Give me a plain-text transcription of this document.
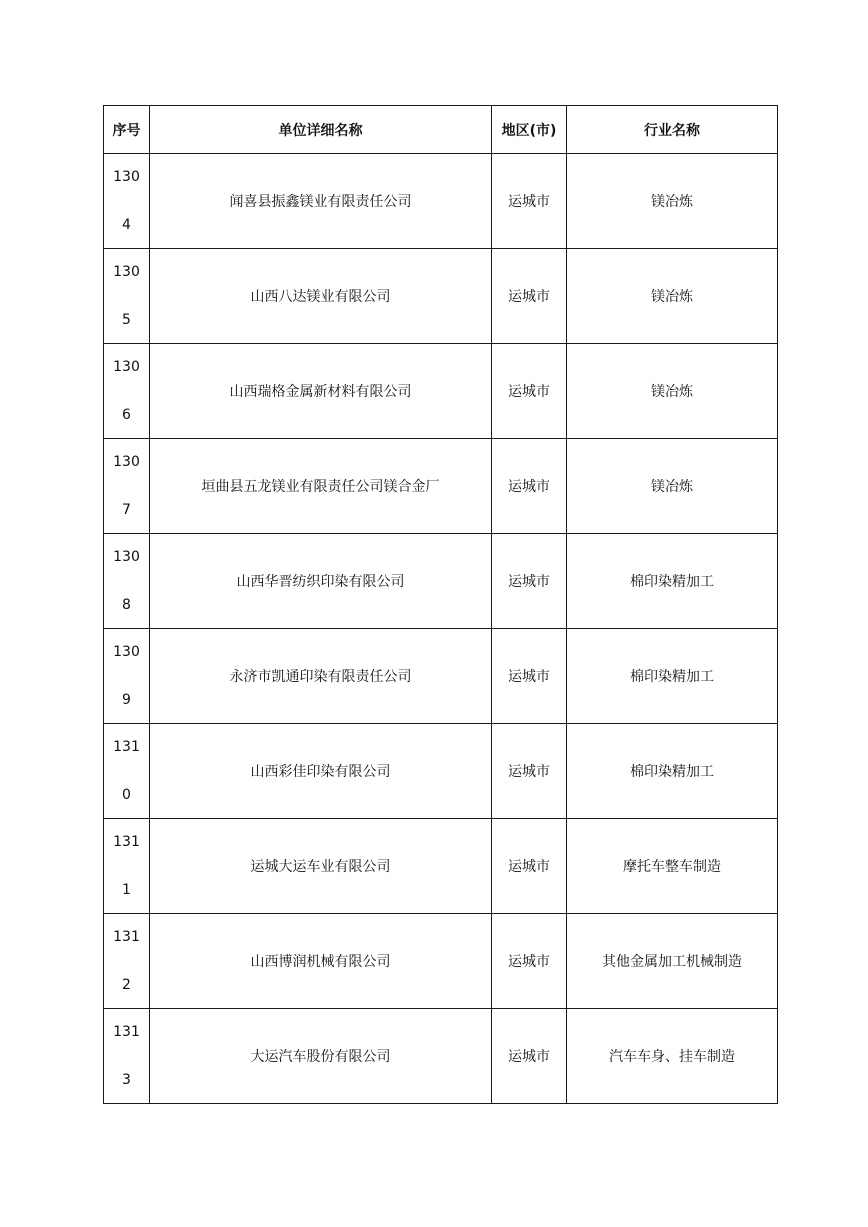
序号	单位详细名称	地区(市)	行业名称

130
4	闻喜县振鑫镁业有限责任公司	运城市	镁冶炼

130
5	山西八达镁业有限公司	运城市	镁冶炼

130
6	山西瑞格金属新材料有限公司	运城市	镁冶炼

130
7	垣曲县五龙镁业有限责任公司镁合金厂	运城市	镁冶炼

130
8	山西华晋纺织印染有限公司	运城市	棉印染精加工

130
9	永济市凯通印染有限责任公司	运城市	棉印染精加工

131
0	山西彩佳印染有限公司	运城市	棉印染精加工

131
1	运城大运车业有限公司	运城市	摩托车整车制造

131
2	山西博润机械有限公司	运城市	其他金属加工机械制造

131
3	大运汽车股份有限公司	运城市	汽车车身、挂车制造
